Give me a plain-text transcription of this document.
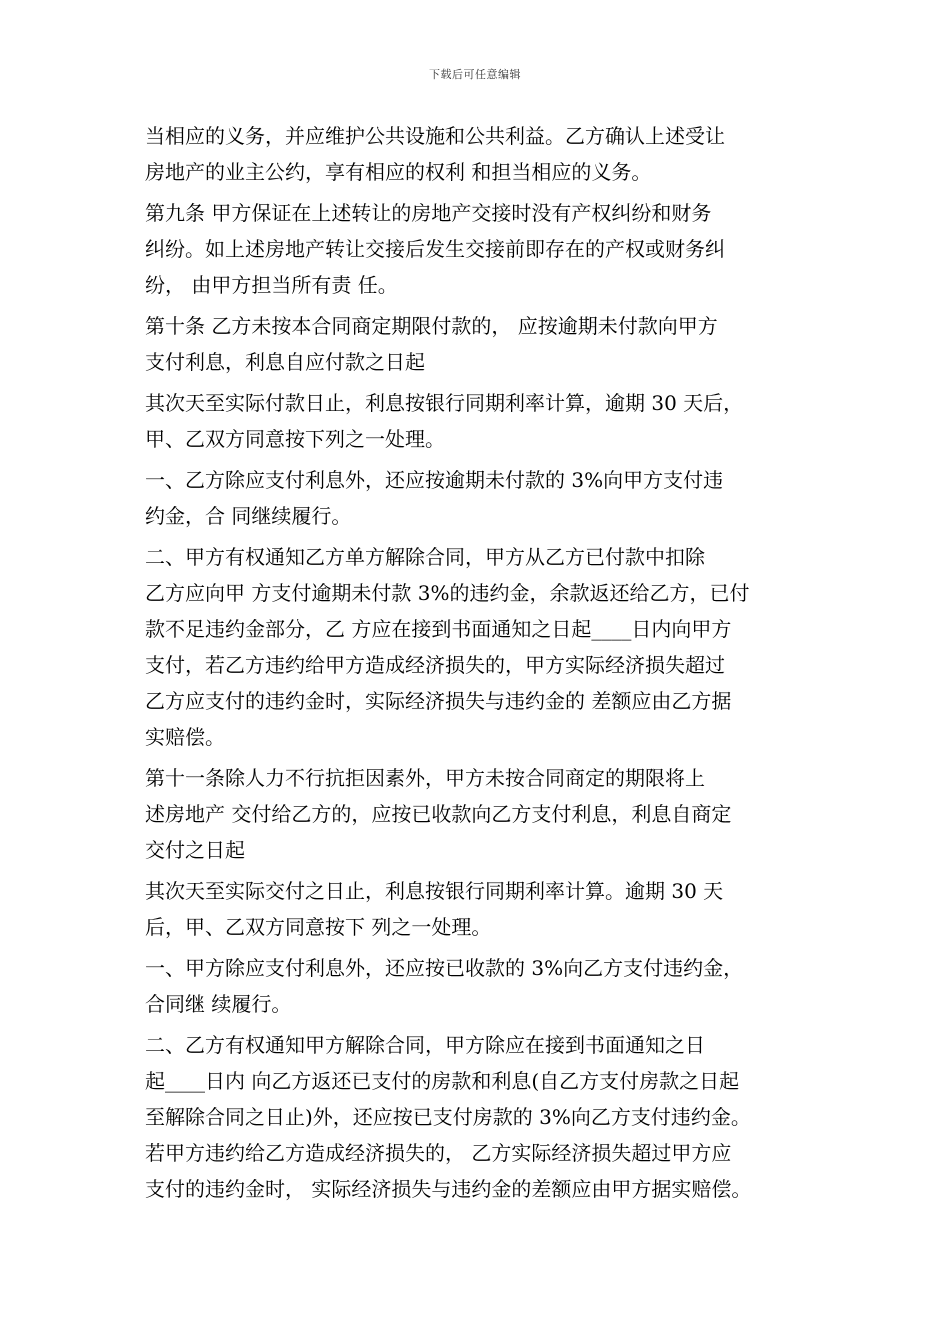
下载后可任意编辑

当相应的义务，并应维护公共设施和公共利益。乙方确认上述受让
房地产的业主公约，享有相应的权利 和担当相应的义务。

第九条 甲方保证在上述转让的房地产交接时没有产权纠纷和财务
纠纷。如上述房地产转让交接后发生交接前即存在的产权或财务纠
纷， 由甲方担当所有责 任。

第十条 乙方未按本合同商定期限付款的， 应按逾期未付款向甲方
支付利息，利息自应付款之日起

其次天至实际付款日止，利息按银行同期利率计算，逾期 30 天后，
甲、乙双方同意按下列之一处理。

一、乙方除应支付利息外，还应按逾期未付款的 3%向甲方支付违
约金，合 同继续履行。

二、甲方有权通知乙方单方解除合同，甲方从乙方已付款中扣除
乙方应向甲 方支付逾期未付款 3%的违约金，余款返还给乙方，已付
款不足违约金部分，乙 方应在接到书面通知之日起____日内向甲方
支付，若乙方违约给甲方造成经济损失的，甲方实际经济损失超过
乙方应支付的违约金时，实际经济损失与违约金的 差额应由乙方据
实赔偿。

第十一条除人力不行抗拒因素外，甲方未按合同商定的期限将上
述房地产 交付给乙方的，应按已收款向乙方支付利息，利息自商定
交付之日起

其次天至实际交付之日止，利息按银行同期利率计算。逾期 30 天
后，甲、乙双方同意按下 列之一处理。

一、甲方除应支付利息外，还应按已收款的 3%向乙方支付违约金，
合同继 续履行。

二、乙方有权通知甲方解除合同，甲方除应在接到书面通知之日
起____日内 向乙方返还已支付的房款和利息(自乙方支付房款之日起
至解除合同之日止)外，还应按已支付房款的 3%向乙方支付违约金。
若甲方违约给乙方造成经济损失的， 乙方实际经济损失超过甲方应
支付的违约金时， 实际经济损失与违约金的差额应由甲方据实赔偿。
